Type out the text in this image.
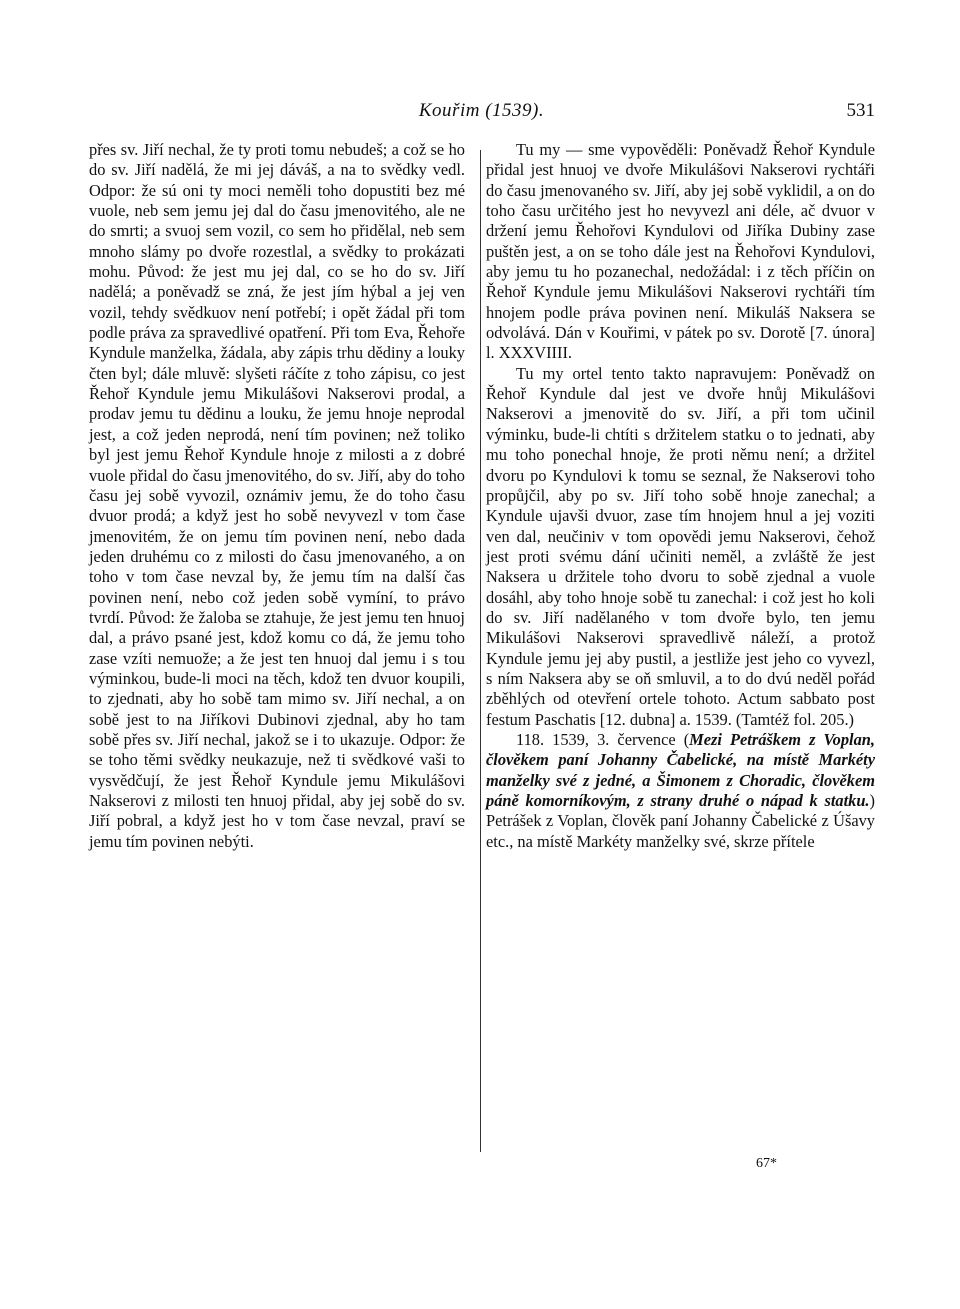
Kouřim (1539).	531

přes sv. Jiří nechal, že ty proti tomu nebudeš; a což se ho do sv. Jiří nadělá, že mi jej dáváš, a na to svědky vedl. Odpor: že sú oni ty moci neměli toho dopustiti bez mé vuole, neb sem jemu jej dal do času jmenovitého, ale ne do smrti; a svuoj sem vozil, co sem ho přidělal, neb sem mnoho slámy po dvoře rozestlal, a svědky to prokázati mohu. Původ: že jest mu jej dal, co se ho do sv. Jiří nadělá; a poněvadž se zná, že jest jím hýbal a jej ven vozil, tehdy svědkuov není potřebí; i opět žádal při tom podle práva za spravedlivé opatření. Při tom Eva, Řehoře Kyndule manželka, žádala, aby zápis trhu dědiny a louky čten byl; dále mluvě: slyšeti ráčíte z toho zápisu, co jest Řehoř Kyndule jemu Mikulášovi Nakserovi prodal, a prodav jemu tu dědinu a louku, že jemu hnoje neprodal jest, a což jeden neprodá, není tím povinen; než toliko byl jest jemu Řehoř Kyndule hnoje z milosti a z dobré vuole přidal do času jmenovitého, do sv. Jiří, aby do toho času jej sobě vyvozil, oznámiv jemu, že do toho času dvuor prodá; a když jest ho sobě nevyvezl v tom čase jmenovitém, že on jemu tím povinen není, nebo dada jeden druhému co z milosti do času jmenovaného, a on toho v tom čase nevzal by, že jemu tím na další čas povinen není, nebo což jeden sobě vymíní, to právo tvrdí. Původ: že žaloba se ztahuje, že jest jemu ten hnuoj dal, a právo psané jest, kdož komu co dá, že jemu toho zase vzíti nemuože; a že jest ten hnuoj dal jemu i s tou výminkou, bude-li moci na těch, kdož ten dvuor koupili, to zjednati, aby ho sobě tam mimo sv. Jiří nechal, a on sobě jest to na Jiříkovi Dubinovi zjednal, aby ho tam sobě přes sv. Jiří nechal, jakož se i to ukazuje. Odpor: že se toho těmi svědky neukazuje, než ti svědkové vaši to vysvědčují, že jest Řehoř Kyndule jemu Mikulášovi Nakserovi z milosti ten hnuoj přidal, aby jej sobě do sv. Jiří pobral, a když jest ho v tom čase nevzal, praví se jemu tím povinen nebýti.

Tu my — sme vypověděli: Poněvadž Řehoř Kyndule přidal jest hnuoj ve dvoře Mikulášovi Nakserovi rychtáři do času jmenovaného sv. Jiří, aby jej sobě vyklidil, a on do toho času určitého jest ho nevyvezl ani déle, ač dvuor v držení jemu Řehořovi Kyndulovi od Jiříka Dubiny zase puštěn jest, a on se toho dále jest na Řehořovi Kyndulovi, aby jemu tu ho pozanechal, nedožádal: i z těch příčin on Řehoř Kyndule jemu Mikulášovi Nakserovi rychtáři tím hnojem podle práva povinen není. Mikuláš Naksera se odvolává. Dán v Kouřimi, v pátek po sv. Dorotě [7. února] l. XXXVIIII.

Tu my ortel tento takto napravujem: Poněvadž on Řehoř Kyndule dal jest ve dvoře hnůj Mikulášovi Nakserovi a jmenovitě do sv. Jiří, a při tom učinil výminku, bude-li chtíti s držitelem statku o to jednati, aby mu toho ponechal hnoje, že proti němu není; a držitel dvoru po Kyndulovi k tomu se seznal, že Nakserovi toho propůjčil, aby po sv. Jiří toho sobě hnoje zanechal; a Kyndule ujavši dvuor, zase tím hnojem hnul a jej voziti ven dal, neučiniv v tom opovědi jemu Nakserovi, čehož jest proti svému dání učiniti neměl, a zvláště že jest Naksera u držitele toho dvoru to sobě zjednal a vuole dosáhl, aby toho hnoje sobě tu zanechal: i což jest ho koli do sv. Jiří nadělaného v tom dvoře bylo, ten jemu Mikulášovi Nakserovi spravedlivě náleží, a protož Kyndule jemu jej aby pustil, a jestliže jest jeho co vyvezl, s ním Naksera aby se oň smluvil, a to do dvú neděl pořád zběhlých od otevření ortele tohoto. Actum sabbato post festum Paschatis [12. dubna] a. 1539. (Tamtéž fol. 205.)

118. 1539, 3. července (Mezi Petráškem z Voplan, člověkem paní Johanny Čabelické, na místě Markéty manželky své z jedné, a Šimonem z Choradic, člověkem páně komorníkovým, z strany druhé o nápad k statku.) Petrášek z Voplan, člověk paní Johanny Čabelické z Úšavy etc., na místě Markéty manželky své, skrze přítele

67*
